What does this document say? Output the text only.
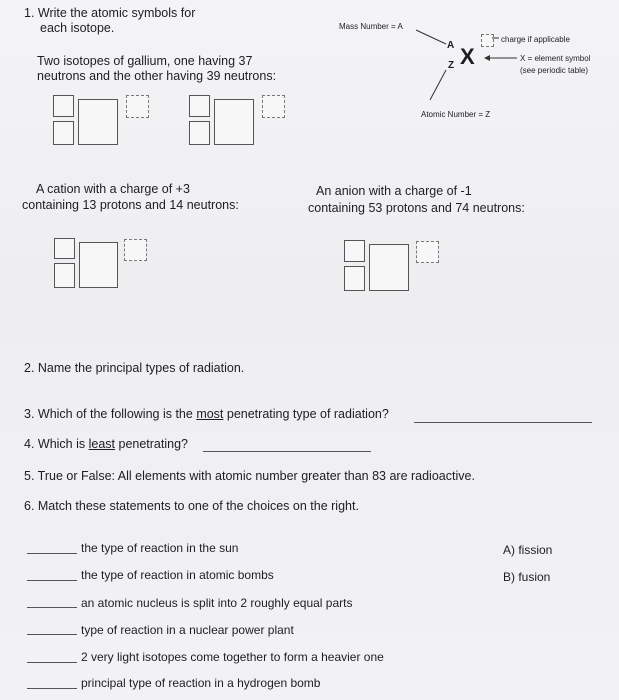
1. Write the atomic symbols for
each isotope.	Mass Number = A
A
Z X
charge if applicable
X = element symbol
(see periodic table)
Atomic Number = Z
Two isotopes of gallium, one having 37
neutrons and the other having 39 neutrons:
A cation with a charge of +3
containing 13 protons and 14 neutrons:
An anion with a charge of -1
containing 53 protons and 74 neutrons:
2. Name the principal types of radiation.
3. Which of the following is the most penetrating type of radiation?
4. Which is least penetrating?
5. True or False: All elements with atomic number greater than 83 are radioactive.
6. Match these statements to one of the choices on the right.
the type of reaction in the sun
the type of reaction in atomic bombs
an atomic nucleus is split into 2 roughly equal parts
type of reaction in a nuclear power plant
2 very light isotopes come together to form a heavier one
principal type of reaction in a hydrogen bomb
A) fission
B) fusion
